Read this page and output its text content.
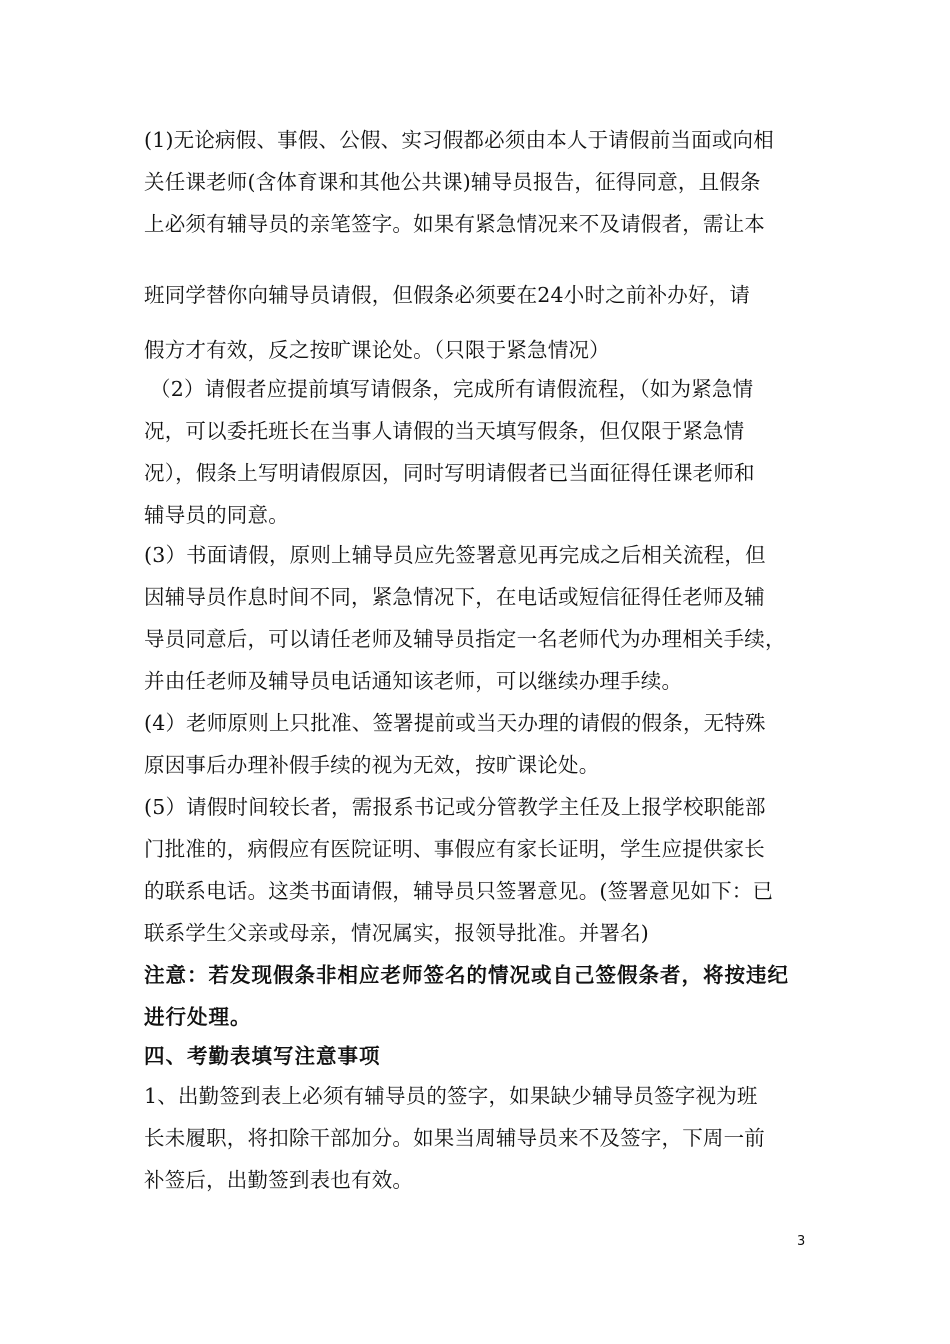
(1)无论病假、事假、公假、实习假都必须由本人于请假前当面或向相
关任课老师(含体育课和其他公共课)辅导员报告，征得同意，且假条
上必须有辅导员的亲笔签字。如果有紧急情况来不及请假者，需让本
班同学替你向辅导员请假，但假条必须要在24小时之前补办好，请
假方才有效，反之按旷课论处。（只限于紧急情况）
（2）请假者应提前填写请假条，完成所有请假流程，（如为紧急情
况，可以委托班长在当事人请假的当天填写假条，但仅限于紧急情
况），假条上写明请假原因，同时写明请假者已当面征得任课老师和
辅导员的同意。
(3）书面请假，原则上辅导员应先签署意见再完成之后相关流程，但
因辅导员作息时间不同，紧急情况下，在电话或短信征得任老师及辅
导员同意后，可以请任老师及辅导员指定一名老师代为办理相关手续，
并由任老师及辅导员电话通知该老师，可以继续办理手续。
(4）老师原则上只批准、签署提前或当天办理的请假的假条，无特殊
原因事后办理补假手续的视为无效，按旷课论处。
(5）请假时间较长者，需报系书记或分管教学主任及上报学校职能部
门批准的，病假应有医院证明、事假应有家长证明，学生应提供家长
的联系电话。这类书面请假，辅导员只签署意见。(签署意见如下：已
联系学生父亲或母亲，情况属实，报领导批准。并署名)
注意：若发现假条非相应老师签名的情况或自己签假条者，将按违纪
进行处理。
四、考勤表填写注意事项
1、出勤签到表上必须有辅导员的签字，如果缺少辅导员签字视为班
长未履职，将扣除干部加分。如果当周辅导员来不及签字，下周一前
补签后，出勤签到表也有效。
3
